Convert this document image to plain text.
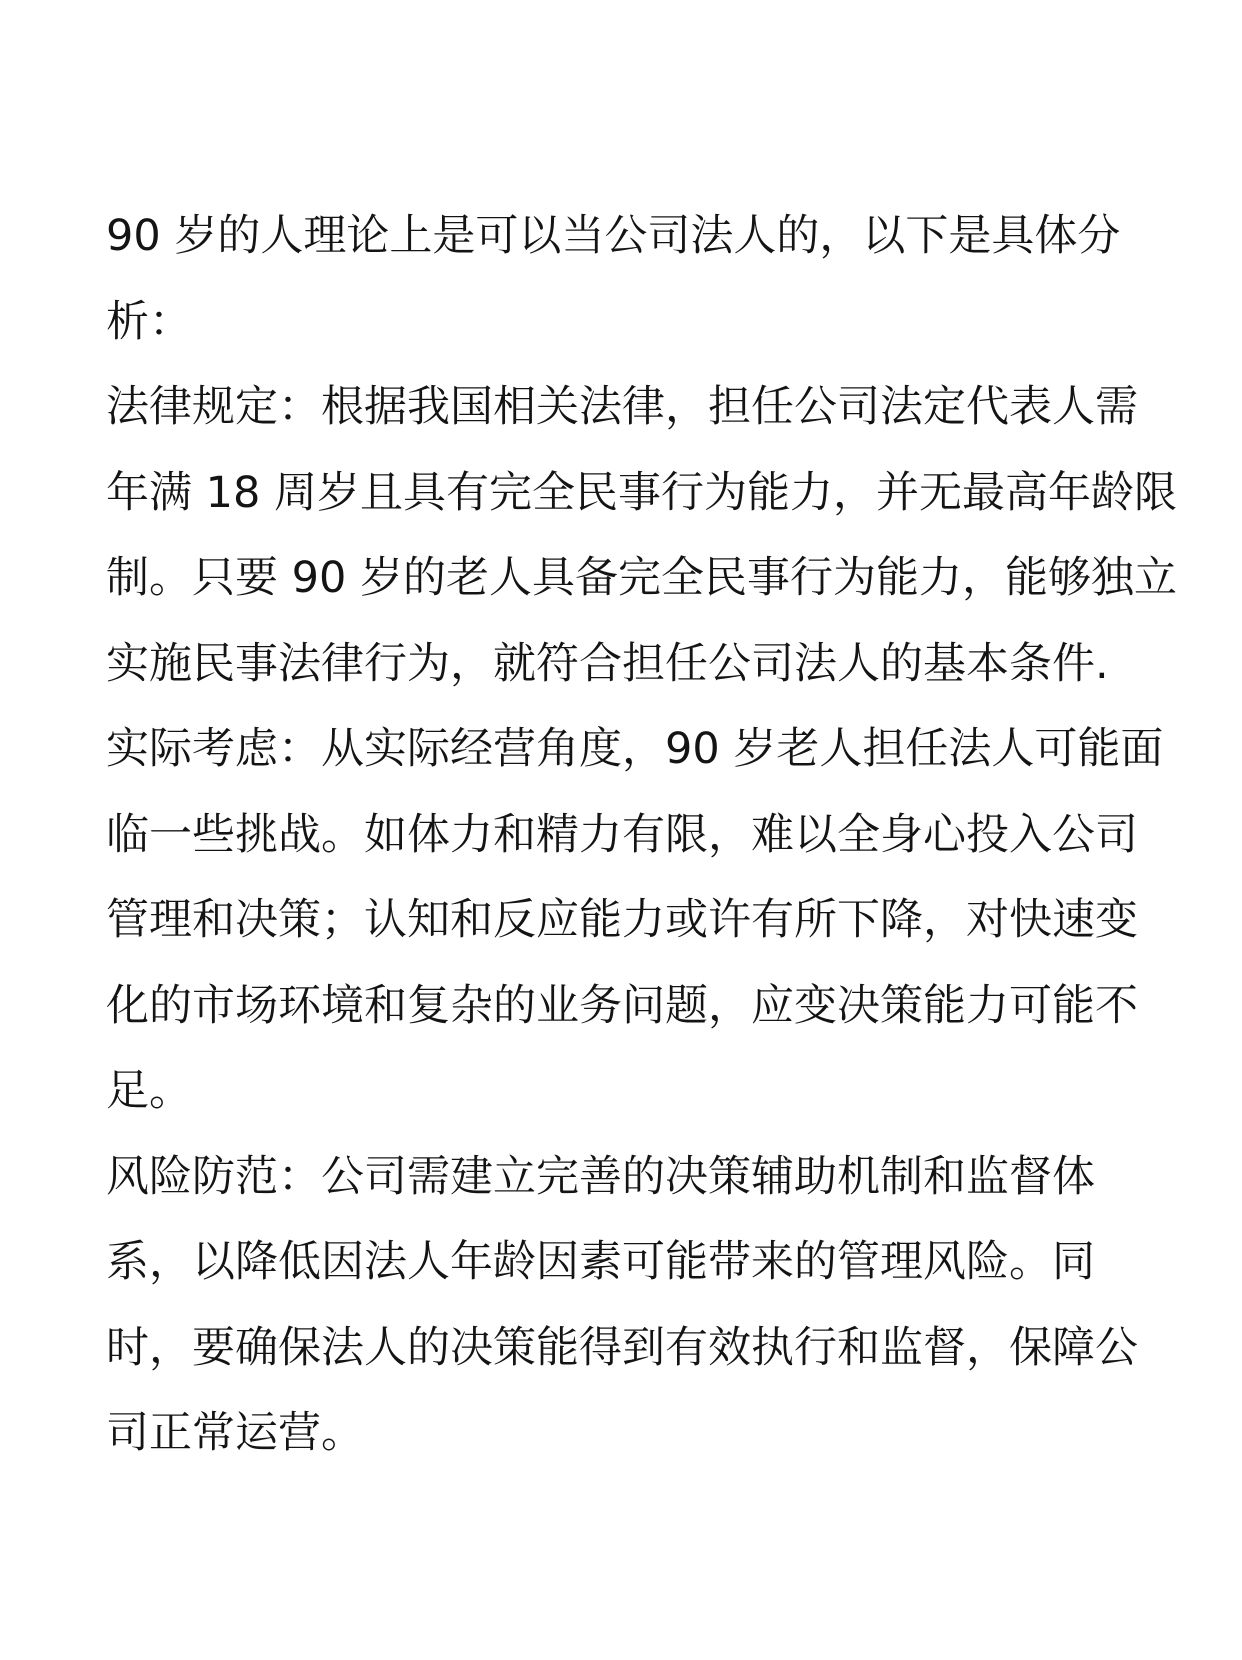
90 岁的人理论上是可以当公司法人的，以下是具体分
析：
法律规定：根据我国相关法律，担任公司法定代表人需
年满 18 周岁且具有完全民事行为能力，并无最高年龄限
制。只要 90 岁的老人具备完全民事行为能力，能够独立
实施民事法律行为，就符合担任公司法人的基本条件.
实际考虑：从实际经营角度，90 岁老人担任法人可能面
临一些挑战。如体力和精力有限，难以全身心投入公司
管理和决策；认知和反应能力或许有所下降，对快速变
化的市场环境和复杂的业务问题，应变决策能力可能不
足。
风险防范：公司需建立完善的决策辅助机制和监督体
系，以降低因法人年龄因素可能带来的管理风险。同
时，要确保法人的决策能得到有效执行和监督，保障公
司正常运营。
